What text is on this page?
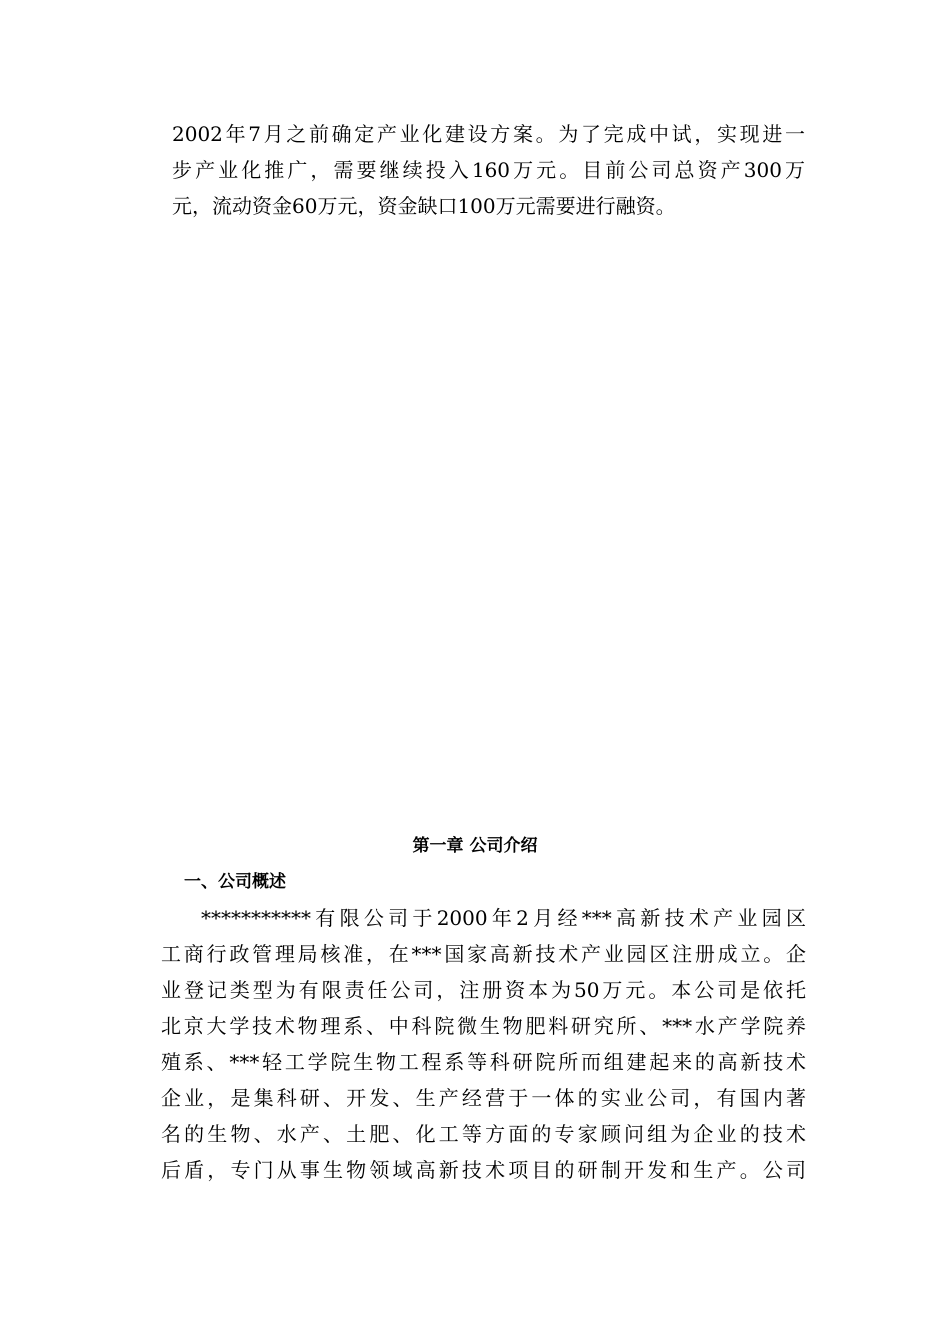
2002年7月之前确定产业化建设方案。为了完成中试，实现进一
步产业化推广，需要继续投入160万元。目前公司总资产300万
元，流动资金60万元，资金缺口100万元需要进行融资。
第一章 公司介绍
一、公司概述
***********有限公司于2000年2月经***高新技术产业园区
工商行政管理局核准，在***国家高新技术产业园区注册成立。企
业登记类型为有限责任公司，注册资本为50万元。本公司是依托
北京大学技术物理系、中科院微生物肥料研究所、***水产学院养
殖系、***轻工学院生物工程系等科研院所而组建起来的高新技术
企业，是集科研、开发、生产经营于一体的实业公司，有国内著
名的生物、水产、土肥、化工等方面的专家顾问组为企业的技术
后盾，专门从事生物领域高新技术项目的研制开发和生产。公司
